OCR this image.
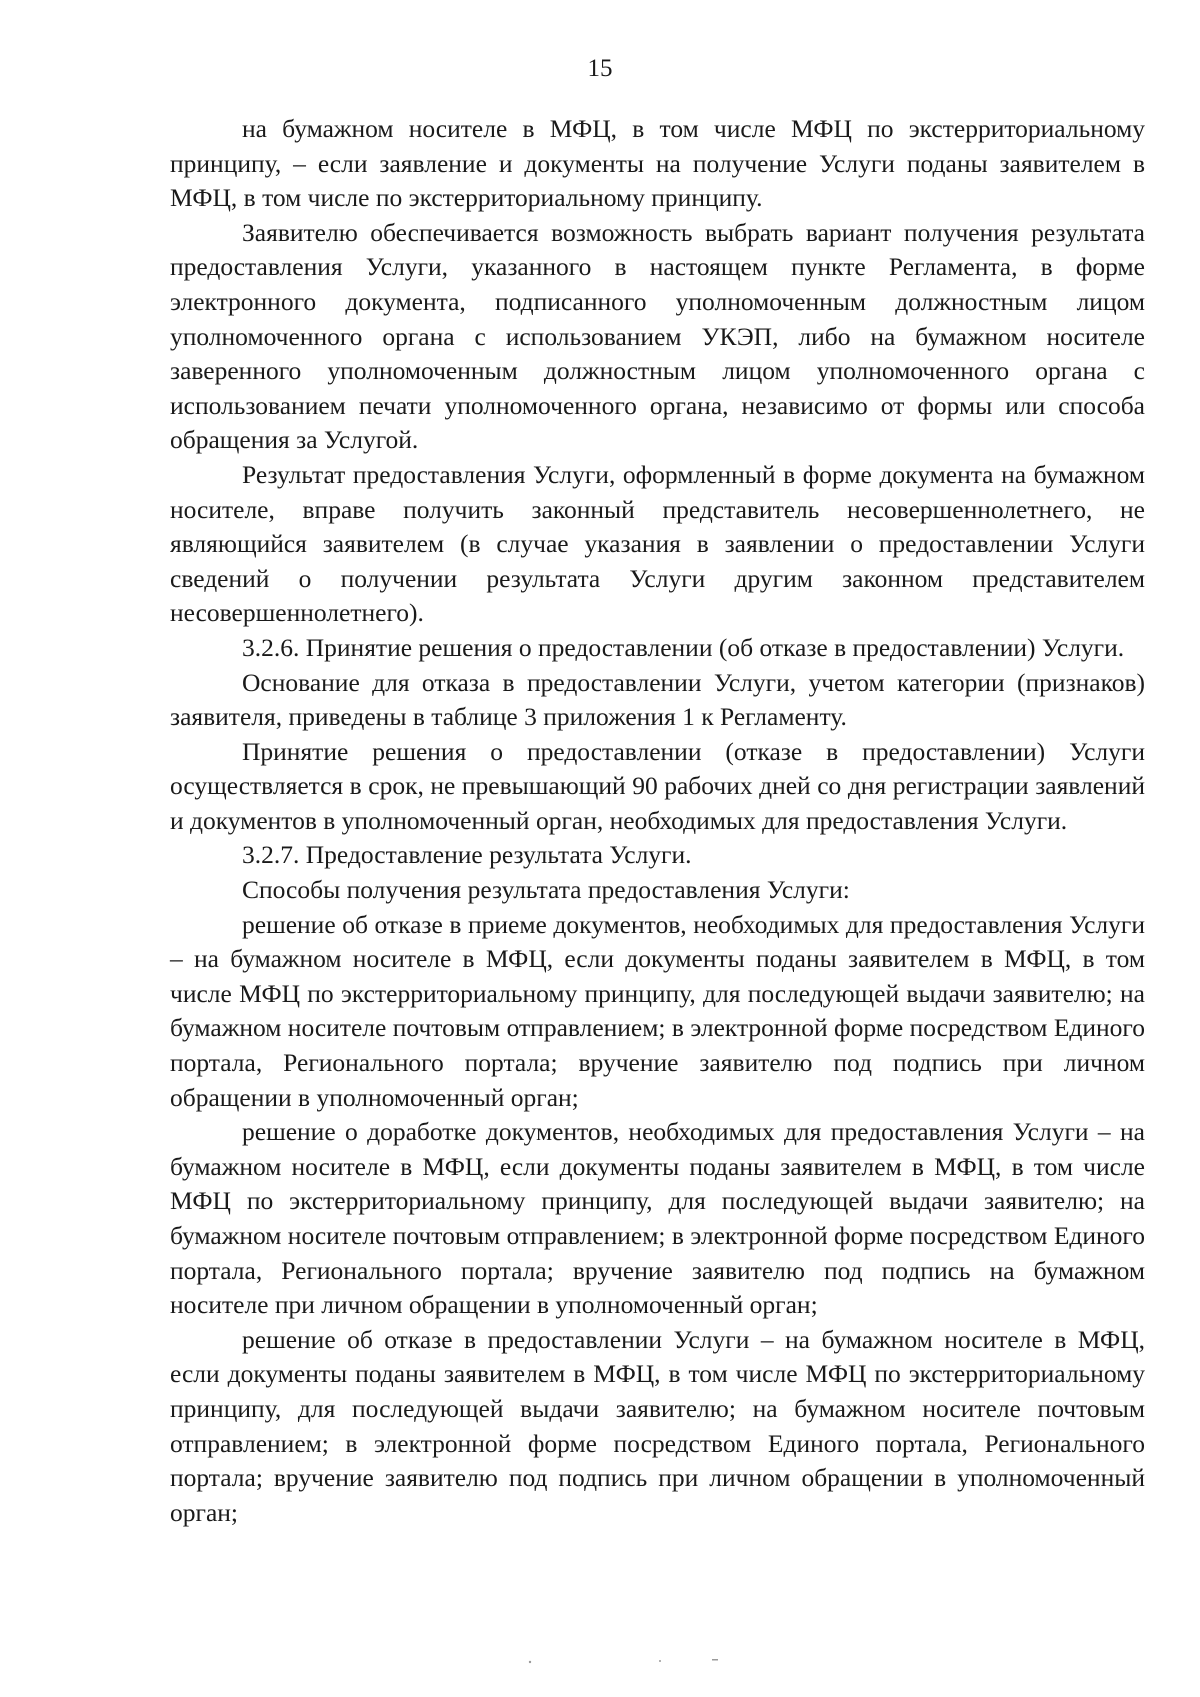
15

на бумажном носителе в МФЦ, в том числе МФЦ по экстерриториальному принципу, – если заявление и документы на получение Услуги поданы заявителем в МФЦ, в том числе по экстерриториальному принципу.

Заявителю обеспечивается возможность выбрать вариант получения результата предоставления Услуги, указанного в настоящем пункте Регламента, в форме электронного документа, подписанного уполномоченным должностным лицом уполномоченного органа с использованием УКЭП, либо на бумажном носителе заверенного уполномоченным должностным лицом уполномоченного органа с использованием печати уполномоченного органа, независимо от формы или способа обращения за Услугой.

Результат предоставления Услуги, оформленный в форме документа на бумажном носителе, вправе получить законный представитель несовершеннолетнего, не являющийся заявителем (в случае указания в заявлении о предоставлении Услуги сведений о получении результата Услуги другим законном представителем несовершеннолетнего).

3.2.6. Принятие решения о предоставлении (об отказе в предоставлении) Услуги.

Основание для отказа в предоставлении Услуги, учетом категории (признаков) заявителя, приведены в таблице 3 приложения 1 к Регламенту.

Принятие решения о предоставлении (отказе в предоставлении) Услуги осуществляется в срок, не превышающий 90 рабочих дней со дня регистрации заявлений и документов в уполномоченный орган, необходимых для предоставления Услуги.

3.2.7. Предоставление результата Услуги.

Способы получения результата предоставления Услуги:

решение об отказе в приеме документов, необходимых для предоставления Услуги – на бумажном носителе в МФЦ, если документы поданы заявителем в МФЦ, в том числе МФЦ по экстерриториальному принципу, для последующей выдачи заявителю; на бумажном носителе почтовым отправлением; в электронной форме посредством Единого портала, Регионального портала; вручение заявителю под подпись при личном обращении в уполномоченный орган;

решение о доработке документов, необходимых для предоставления Услуги – на бумажном носителе в МФЦ, если документы поданы заявителем в МФЦ, в том числе МФЦ по экстерриториальному принципу, для последующей выдачи заявителю; на бумажном носителе почтовым отправлением; в электронной форме посредством Единого портала, Регионального портала; вручение заявителю под подпись на бумажном носителе при личном обращении в уполномоченный орган;

решение об отказе в предоставлении Услуги – на бумажном носителе в МФЦ, если документы поданы заявителем в МФЦ, в том числе МФЦ по экстерриториальному принципу, для последующей выдачи заявителю; на бумажном носителе почтовым отправлением; в электронной форме посредством Единого портала, Регионального портала; вручение заявителю под подпись при личном обращении в уполномоченный орган;
